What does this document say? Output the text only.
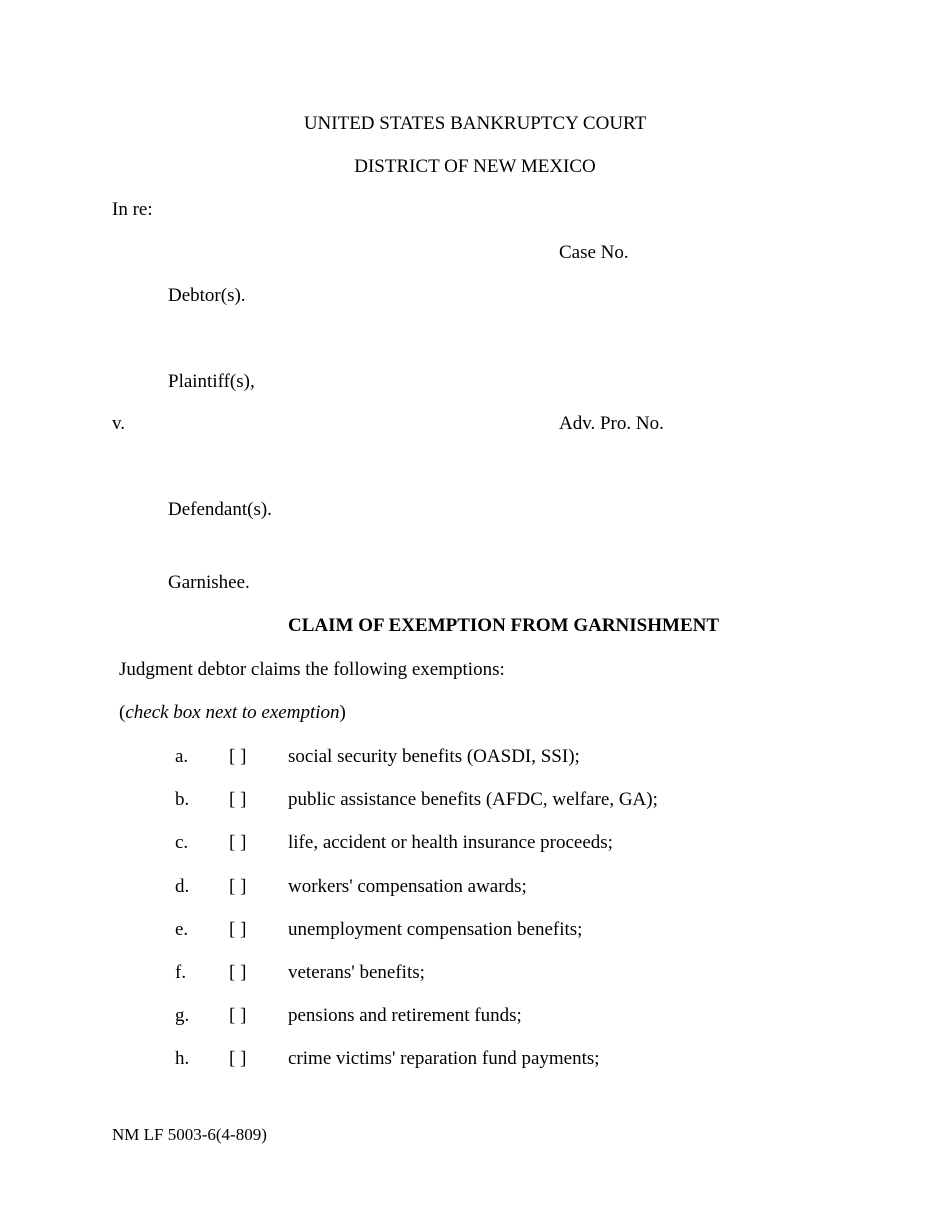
UNITED STATES BANKRUPTCY COURT
DISTRICT OF NEW MEXICO
In re:
Case No.
Debtor(s).
Plaintiff(s),
v.	Adv. Pro. No.
Defendant(s).
Garnishee.
CLAIM OF EXEMPTION FROM GARNISHMENT
Judgment debtor claims the following exemptions:
(check box next to exemption)
a. [ ] social security benefits (OASDI, SSI);
b. [ ] public assistance benefits (AFDC, welfare, GA);
c. [ ] life, accident or health insurance proceeds;
d. [ ] workers' compensation awards;
e. [ ] unemployment compensation benefits;
f. [ ] veterans' benefits;
g. [ ] pensions and retirement funds;
h. [ ] crime victims' reparation fund payments;
NM LF 5003-6(4-809)
